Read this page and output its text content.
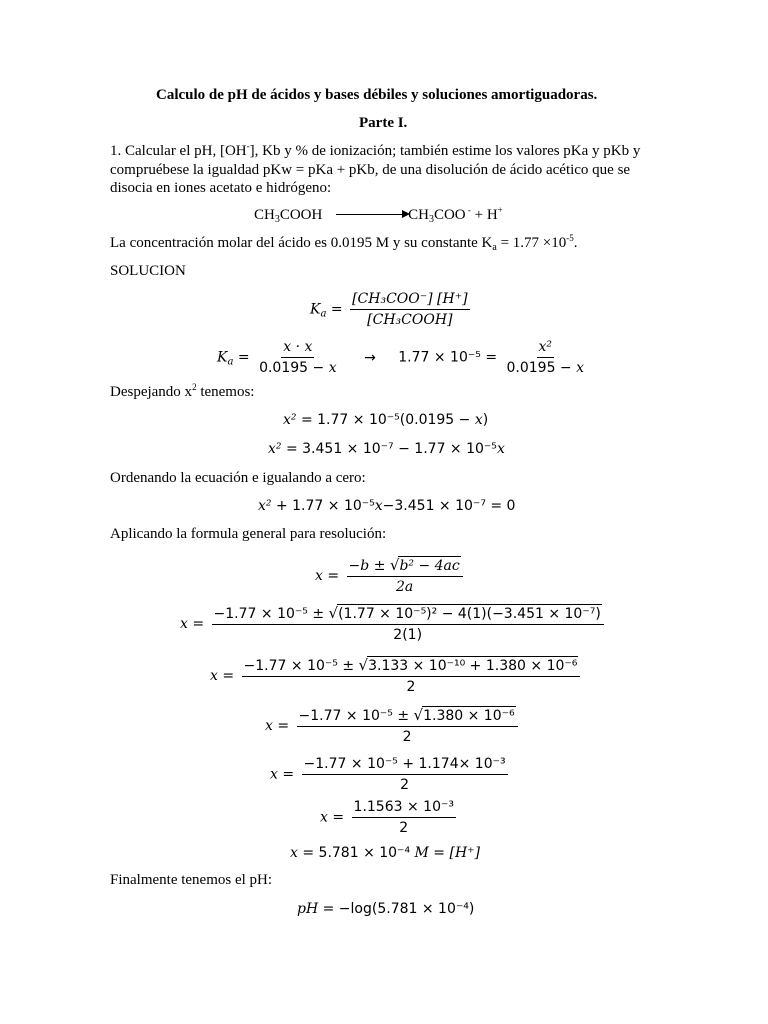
Calculo de pH de ácidos y bases débiles y soluciones amortiguadoras.
Parte I.
1. Calcular el pH, [OH-], Kb y % de ionización; también estime los valores pKa y pKb y
compruébese la igualdad pKw = pKa + pKb, de una disolución de ácido acético que se
disocia en iones acetato e hidrógeno:
$CH_3COOH$	$CH_3COO$ - + H+
La concentración molar del ácido es 0.0195 M y su constante $K_a = 1.77 \times 10^{-5}$.
SOLUCION
$K_a = \frac{\text{[CH₃COO⁻] [H⁺]}}{\text{[CH₃COOH]}}$
$K_a = \frac{x \cdot x}{0.0195 - x} \to 1.77 \times 10^{-5} = \frac{\text{x²}}{0.0195 - x}$
Despejando $x^2$ tenemos:
x² = 1.77 × 10⁻⁵(0.0195 − x)
x² = 3.451 × 10⁻⁷ − 1.77 × 10⁻⁵x
Ordenando la ecuación e igualando a cero:
x² + 1.77 × 10⁻⁵x−3.451 × 10⁻⁷ = 0
Aplicando la formula general para resolución:
$x = \frac{\text{−b ± √b² − 4ac}}{2a}$
$x = \frac{\text{−1.77 × 10⁻⁵ ± √(1.77 × 10⁻⁵)² − 4(1)(−3.451 × 10⁻⁷)}}{2(1)}$
$x = \frac{\text{−1.77 × 10⁻⁵ ± √3.133 × 10⁻¹⁰ + 1.380 × 10⁻⁶}}{2}$
$x = \frac{\text{−1.77 × 10⁻⁵ ± √1.380 × 10⁻⁶}}{2}$
$x = \frac{\text{−1.77 × 10⁻⁵ + 1.174× 10⁻³}}{2}$
$x = \frac{\text{1.1563 × 10⁻³}}{2}$
x = 5.781 × 10⁻⁴ M = [H⁺]
Finalmente tenemos el pH:
pH = −log(5.781 × 10⁻⁴)
